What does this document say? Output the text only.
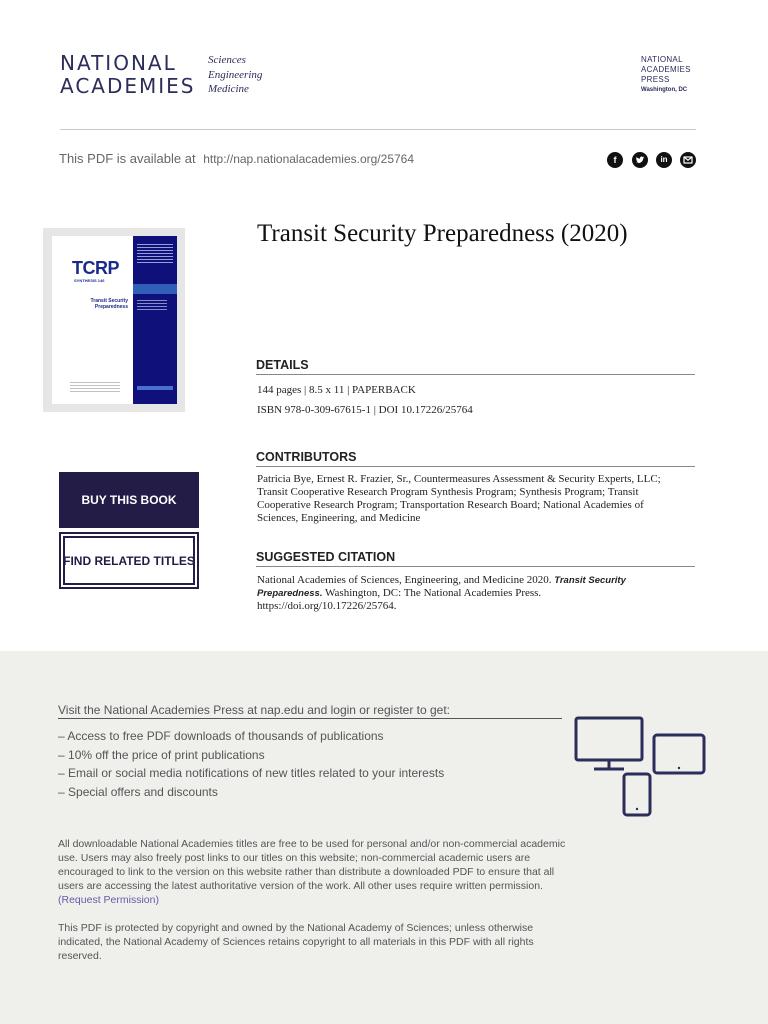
NATIONAL
ACADEMIES
Sciences
Engineering
Medicine
NATIONAL
ACADEMIES
PRESS
Washington, DC
This PDF is available at http://nap.nationalacademies.org/25764	f	in
TCRP
SYNTHESIS 146
Transit Security Preparedness
BUY THIS BOOK
FIND RELATED TITLES
Transit Security Preparedness (2020)
DETAILS
144 pages | 8.5 x 11 | PAPERBACK
ISBN 978-0-309-67615-1 | DOI 10.17226/25764
CONTRIBUTORS
Patricia Bye, Ernest R. Frazier, Sr., Countermeasures Assessment & Security Experts, LLC; Transit Cooperative Research Program Synthesis Program; Synthesis Program; Transit Cooperative Research Program; Transportation Research Board; National Academies of Sciences, Engineering, and Medicine
SUGGESTED CITATION
National Academies of Sciences, Engineering, and Medicine 2020. Transit Security Preparedness. Washington, DC: The National Academies Press. https://doi.org/10.17226/25764.
Visit the National Academies Press at nap.edu and login or register to get:
– Access to free PDF downloads of thousands of publications
– 10% off the price of print publications
– Email or social media notifications of new titles related to your interests
– Special offers and discounts
All downloadable National Academies titles are free to be used for personal and/or non-commercial academic use. Users may also freely post links to our titles on this website; non-commercial academic users are encouraged to link to the version on this website rather than distribute a downloaded PDF to ensure that all users are accessing the latest authoritative version of the work. All other uses require written permission. (Request Permission)
This PDF is protected by copyright and owned by the National Academy of Sciences; unless otherwise indicated, the National Academy of Sciences retains copyright to all materials in this PDF with all rights reserved.
